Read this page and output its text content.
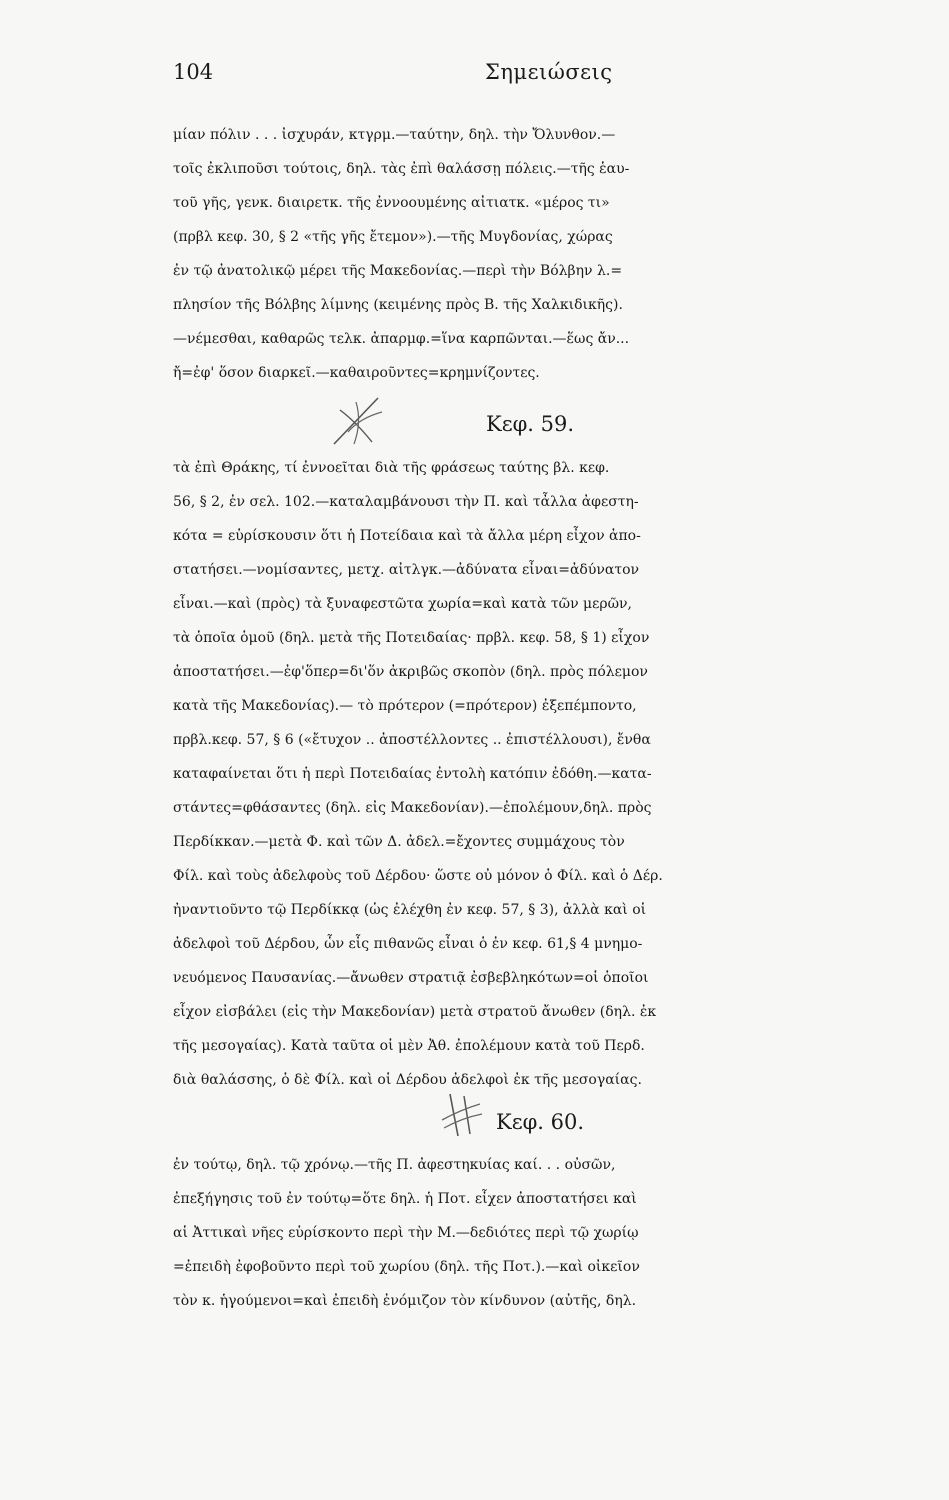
104	Σημειώσεις
μίαν πόλιν . . . ἰσχυράν, κτγρμ.—ταύτην, δηλ. τὴν Ὄλυνθον.—
τοῖς ἐκλιποῦσι τούτοις, δηλ. τὰς ἐπὶ θαλάσσῃ πόλεις.—τῆς ἑαυ-
τοῦ γῆς, γενκ. διαιρετκ. τῆς ἐννοουμένης αἰτιατκ. «μέρος τι»
(πρβλ κεφ. 30, § 2 «τῆς γῆς ἔτεμον»).—τῆς Μυγδονίας, χώρας
ἐν τῷ ἀνατολικῷ μέρει τῆς Μακεδονίας.—περὶ τὴν Βόλβην λ.=
πλησίον τῆς Βόλβης λίμνης (κειμένης πρὸς Β. τῆς Χαλκιδικῆς).
—νέμεσθαι, καθαρῶς τελκ. ἀπαρμφ.=ἵνα καρπῶνται.—ἕως ἄν...
ἤ=ἐφ' ὅσον διαρκεῖ.—καθαιροῦντες=κρημνίζοντες.
Κεφ. 59.
τὰ ἐπὶ Θράκης, τί ἐννοεῖται διὰ τῆς φράσεως ταύτης βλ. κεφ.
56, § 2, ἐν σελ. 102.—καταλαμβάνουσι τὴν Π. καὶ τἆλλα ἀφεστη-
κότα = εὑρίσκουσιν ὅτι ἡ Ποτείδαια καὶ τὰ ἄλλα μέρη εἶχον ἀπο-
στατήσει.—νομίσαντες, μετχ. αἰτλγκ.—ἀδύνατα εἶναι=ἀδύνατον
εἶναι.—καὶ (πρὸς) τὰ ξυναφεστῶτα χωρία=καὶ κατὰ τῶν μερῶν,
τὰ ὁποῖα ὁμοῦ (δηλ. μετὰ τῆς Ποτειδαίας· πρβλ. κεφ. 58, § 1) εἶχον
ἀποστατήσει.—ἐφ'ὅπερ=δι'ὅν ἀκριβῶς σκοπὸν (δηλ. πρὸς πόλεμον
κατὰ τῆς Μακεδονίας).— τὸ πρότερον (=πρότερον) ἐξεπέμποντο,
πρβλ.κεφ. 57, § 6 («ἔτυχον .. ἀποστέλλοντες .. ἐπιστέλλουσι), ἔνθα
καταφαίνεται ὅτι ἡ περὶ Ποτειδαίας ἐντολὴ κατόπιν ἐδόθη.—κατα-
στάντες=φθάσαντες (δηλ. εἰς Μακεδονίαν).—ἐπολέμουν,δηλ. πρὸς
Περδίκκαν.—μετὰ Φ. καὶ τῶν Δ. ἀδελ.=ἔχοντες συμμάχους τὸν
Φίλ. καὶ τοὺς ἀδελφοὺς τοῦ Δέρδου· ὥστε οὐ μόνον ὁ Φίλ. καὶ ὁ Δέρ.
ἠναντιοῦντο τῷ Περδίκκᾳ (ὡς ἐλέχθη ἐν κεφ. 57, § 3), ἀλλὰ καὶ οἱ
ἀδελφοὶ τοῦ Δέρδου, ὧν εἷς πιθανῶς εἶναι ὁ ἐν κεφ. 61,§ 4 μνημο-
νευόμενος Παυσανίας.—ἄνωθεν στρατιᾷ ἐσβεβληκότων=οἱ ὁποῖοι
εἶχον εἰσβάλει (εἰς τὴν Μακεδονίαν) μετὰ στρατοῦ ἄνωθεν (δηλ. ἐκ
τῆς μεσογαίας). Κατὰ ταῦτα οἱ μὲν Ἀθ. ἐπολέμουν κατὰ τοῦ Περδ.
διὰ θαλάσσης, ὁ δὲ Φίλ. καὶ οἱ Δέρδου ἀδελφοὶ ἐκ τῆς μεσογαίας.
Κεφ. 60.
ἐν τούτῳ, δηλ. τῷ χρόνῳ.—τῆς Π. ἀφεστηκυίας καί. . . οὐσῶν,
ἐπεξήγησις τοῦ ἐν τούτῳ=ὅτε δηλ. ἡ Ποτ. εἶχεν ἀποστατήσει καὶ
αἱ Ἀττικαὶ νῆες εὑρίσκοντο περὶ τὴν Μ.—δεδιότες περὶ τῷ χωρίῳ
=ἐπειδὴ ἐφοβοῦντο περὶ τοῦ χωρίου (δηλ. τῆς Ποτ.).—καὶ οἰκεῖον
τὸν κ. ἡγούμενοι=καὶ ἐπειδὴ ἐνόμιζον τὸν κίνδυνον (αὐτῆς, δηλ.
